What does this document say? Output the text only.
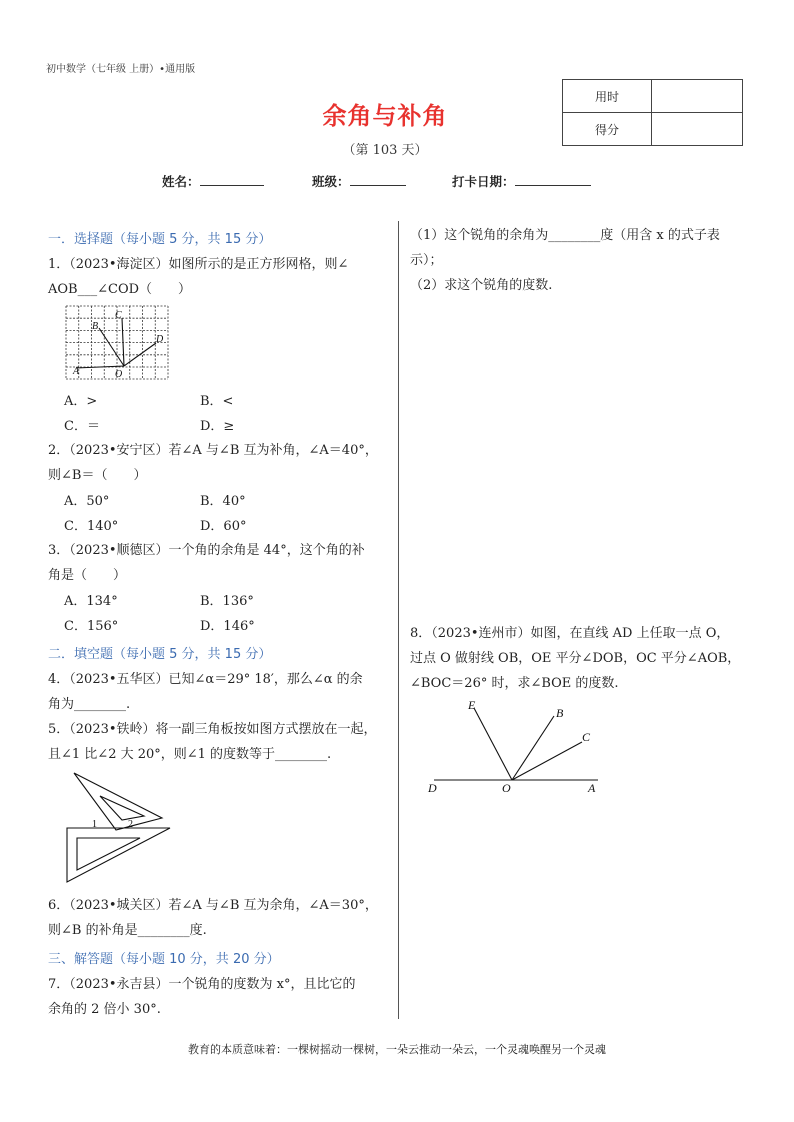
初中数学（七年级 上册）•通用版
余角与补角
（第 103 天）
用时	
得分	
姓名：	班级：	打卡日期：
一．选择题（每小题 5 分，共 15 分）
1．（2023•海淀区）如图所示的是正方形网格，则∠
AOB___∠COD（　　）
C
B
D
A	O
A．>	B．<
C．＝	D．≥
2．（2023•安宁区）若∠A 与∠B 互为补角，∠A＝40°，
则∠B＝（　　）
A．50°	B．40°
C．140°	D．60°
3．（2023•顺德区）一个角的余角是 44°，这个角的补
角是（　　）
A．134°	B．136°
C．156°	D．146°
二．填空题（每小题 5 分，共 15 分）
4．（2023•五华区）已知∠α＝29° 18′，那么∠α 的余
角为________.
5．（2023•铁岭）将一副三角板按如图方式摆放在一起，
且∠1 比∠2 大 20°，则∠1 的度数等于________.
1	2
6．（2023•城关区）若∠A 与∠B 互为余角，∠A＝30°，
则∠B 的补角是________度.
三、解答题（每小题 10 分，共 20 分）
7．（2023•永吉县）一个锐角的度数为 x°，且比它的
余角的 2 倍小 30°.
（1）这个锐角的余角为________度（用含 x 的式子表
示）；
（2）求这个锐角的度数.
8．（2023•连州市）如图，在直线 AD 上任取一点 O，
过点 O 做射线 OB，OE 平分∠DOB，OC 平分∠AOB，
∠BOC＝26° 时，求∠BOE 的度数.
E
B
C
D	O	A
教育的本质意味着：一棵树摇动一棵树，一朵云推动一朵云，一个灵魂唤醒另一个灵魂
